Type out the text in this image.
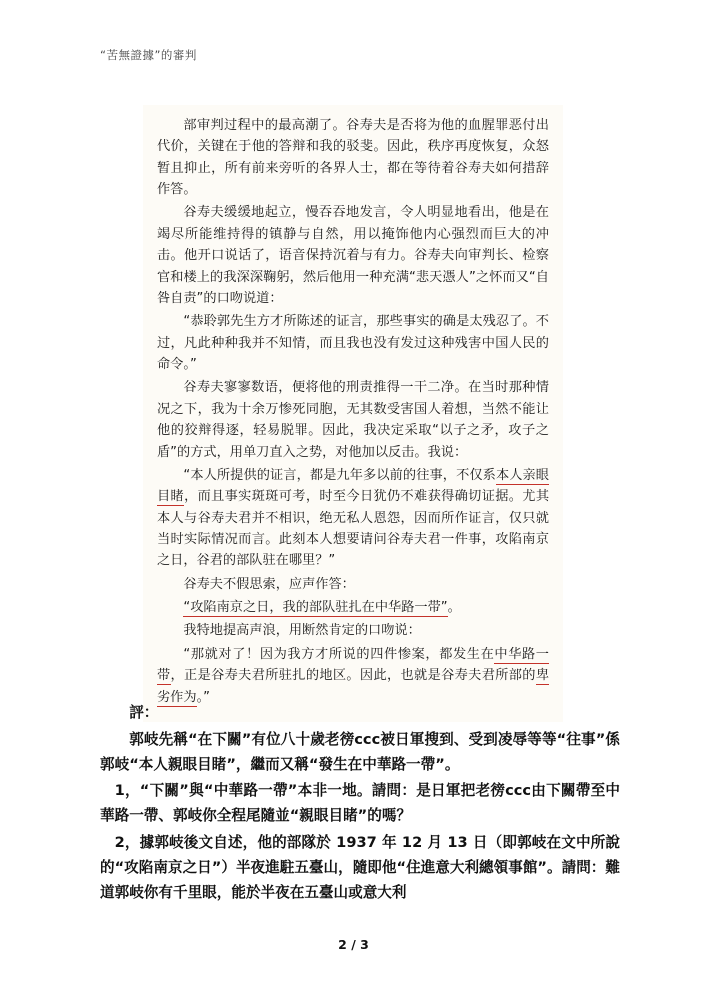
“苦無證據”的審判

部审判过程中的最高潮了。谷寿夫是否将为他的血腥罪恶付出代价，关键在于他的答辩和我的驳斐。因此，秩序再度恢复，众怒暂且抑止，所有前来旁听的各界人士，都在等待着谷寿夫如何措辞作答。

谷寿夫缓缓地起立，慢吞吞地发言，令人明显地看出，他是在竭尽所能维持得的镇静与自然，用以掩饰他内心强烈而巨大的冲击。他开口说话了，语音保持沉着与有力。谷寿夫向审判长、检察官和楼上的我深深鞠躬，然后他用一种充满“悲天憑人”之怀而又“自咎自责”的口吻说道：

“恭聆郭先生方才所陈述的证言，那些事实的确是太残忍了。不过，凡此种种我并不知情，而且我也没有发过这种残害中国人民的命令。”

谷寿夫寥寥数语，便将他的刑责推得一干二净。在当时那种情况之下，我为十余万惨死同胞，无其数受害国人着想，当然不能让他的狡辩得逐，轻易脱罪。因此，我决定采取“以子之矛，攻子之盾”的方式，用单刀直入之势，对他加以反击。我说：

“本人所提供的证言，都是九年多以前的往事，不仅系本人亲眼目睹，而且事实斑斑可考，时至今日犹仍不难获得确切证据。尤其本人与谷寿夫君并不相识，绝无私人恩怨，因而所作证言，仅只就当时实际情况而言。此刻本人想要请问谷寿夫君一件事，攻陷南京之日，谷君的部队驻在哪里？”

谷寿夫不假思索，应声作答：

“攻陷南京之日，我的部队驻扎在中华路一带”。

我特地提高声浪，用断然肯定的口吻说：

“那就对了！因为我方才所说的四件惨案，都发生在中华路一带，正是谷寿夫君所驻扎的地区。因此，也就是谷寿夫君所部的卑劣作为。”

評：

郭岐先稱“在下關”有位八十歲老徬ccc被日軍搜到、受到凌辱等等“往事”係郭岐“本人親眼目睹”，繼而又稱“發生在中華路一帶”。

1，“下關”與“中華路一帶”本非一地。請問：是日軍把老徬ccc由下關帶至中華路一帶、郭岐你全程尾隨並“親眼目睹”的嗎？

2，據郭岐後文自述，他的部隊於 1937 年 12 月 13 日（即郭岐在文中所說的“攻陷南京之日”）半夜進駐五臺山，隨即他“住進意大利總領事館”。請問：難道郭岐你有千里眼，能於半夜在五臺山或意大利

2 / 3
